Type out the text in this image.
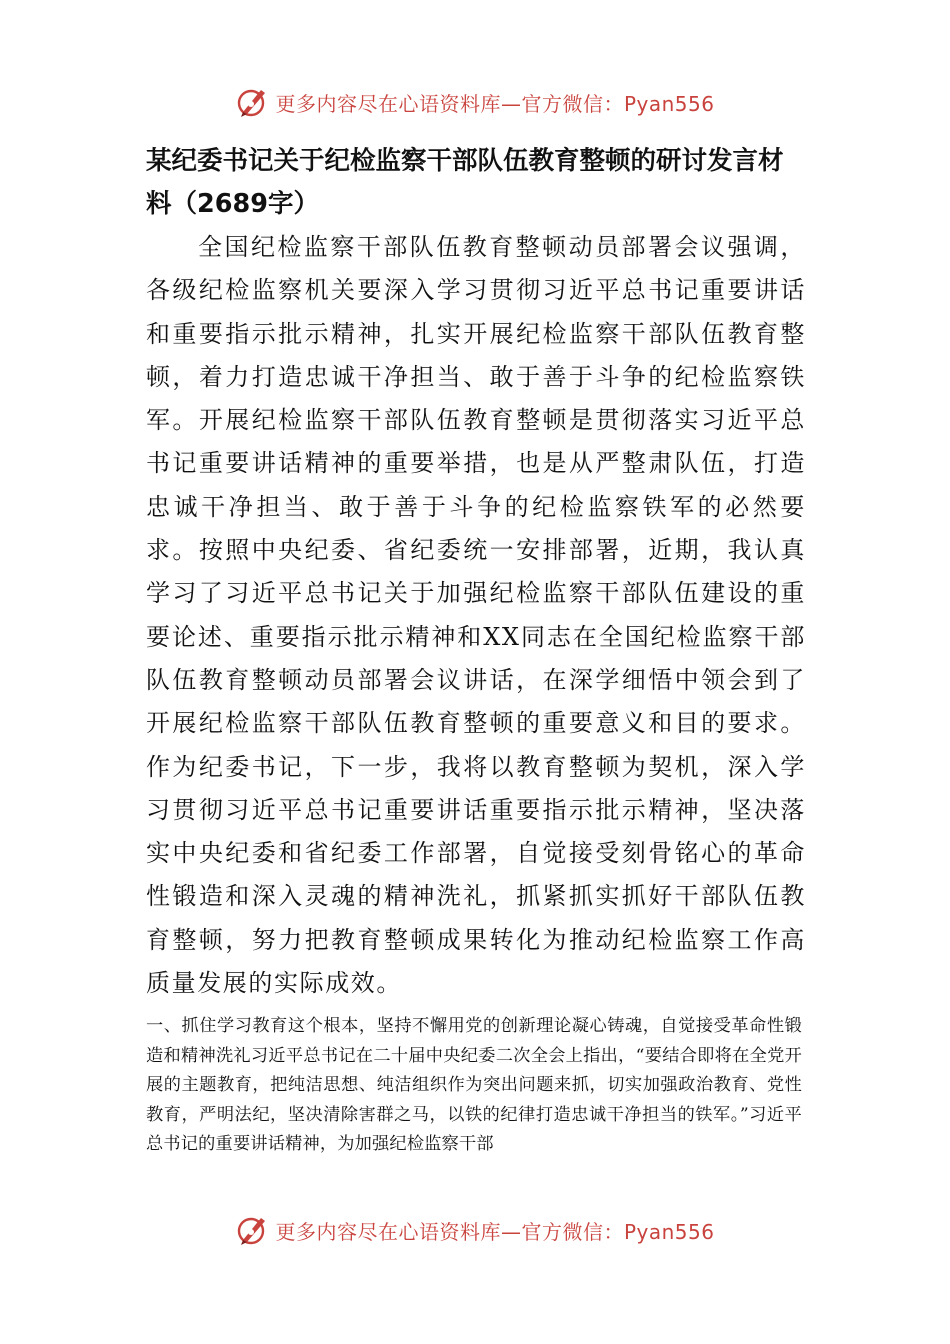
更多内容尽在心语资料库—官方微信：Pyan556
某纪委书记关于纪检监察干部队伍教育整顿的研讨发言材料（2689字）

全国纪检监察干部队伍教育整顿动员部署会议强调，各级纪检监察机关要深入学习贯彻习近平总书记重要讲话和重要指示批示精神，扎实开展纪检监察干部队伍教育整顿，着力打造忠诚干净担当、敢于善于斗争的纪检监察铁军。开展纪检监察干部队伍教育整顿是贯彻落实习近平总书记重要讲话精神的重要举措，也是从严整肃队伍，打造忠诚干净担当、敢于善于斗争的纪检监察铁军的必然要求。按照中央纪委、省纪委统一安排部署，近期，我认真学习了习近平总书记关于加强纪检监察干部队伍建设的重要论述、重要指示批示精神和XX同志在全国纪检监察干部队伍教育整顿动员部署会议讲话，在深学细悟中领会到了开展纪检监察干部队伍教育整顿的重要意义和目的要求。作为纪委书记，下一步，我将以教育整顿为契机，深入学习贯彻习近平总书记重要讲话重要指示批示精神，坚决落实中央纪委和省纪委工作部署，自觉接受刻骨铭心的革命性锻造和深入灵魂的精神洗礼，抓紧抓实抓好干部队伍教育整顿，努力把教育整顿成果转化为推动纪检监察工作高质量发展的实际成效。

一、抓住学习教育这个根本，坚持不懈用党的创新理论凝心铸魂，自觉接受革命性锻造和精神洗礼习近平总书记在二十届中央纪委二次全会上指出，“要结合即将在全党开展的主题教育，把纯洁思想、纯洁组织作为突出问题来抓，切实加强政治教育、党性教育，严明法纪，坚决清除害群之马，以铁的纪律打造忠诚干净担当的铁军。”习近平总书记的重要讲话精神，为加强纪检监察干部

更多内容尽在心语资料库—官方微信：Pyan556
